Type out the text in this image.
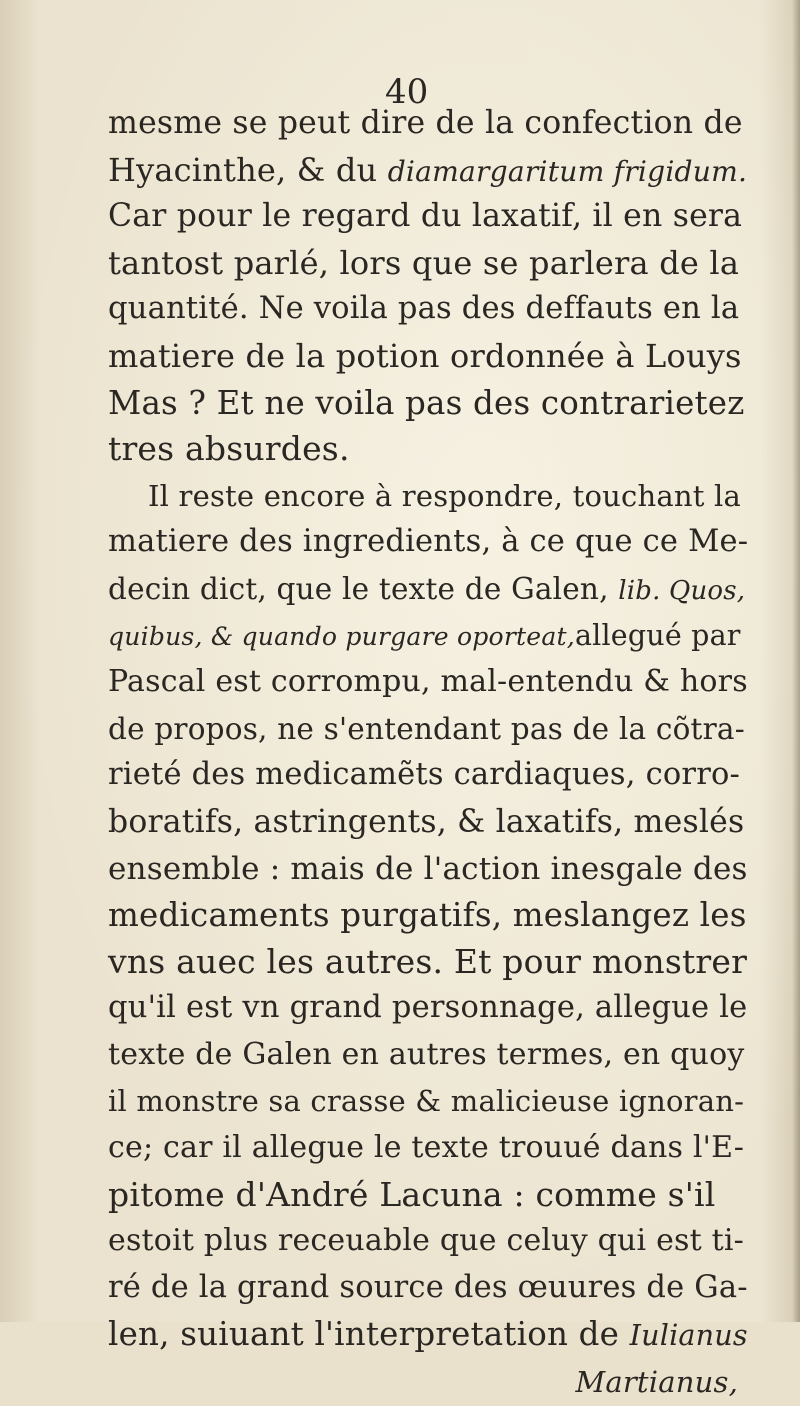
40
mesme se peut dire de la confection de
Hyacinthe, & du diamargaritum frigidum.
Car pour le regard du laxatif, il en sera
tantost parlé, lors que se parlera de la
quantité. Ne voila pas des deffauts en la
matiere de la potion ordonnée à Louys
Mas ? Et ne voila pas des contrarietez
tres absurdes.
Il reste encore à respondre, touchant la
matiere des ingredients, à ce que ce Me-
decin dict, que le texte de Galen, lib. Quos,
quibus, & quando purgare oporteat,allegué par
Pascal est corrompu, mal-entendu & hors
de propos, ne s'entendant pas de la cõtra-
rieté des medicamẽts cardiaques, corro-
boratifs, astringents, & laxatifs, meslés
ensemble : mais de l'action inesgale des
medicaments purgatifs, meslangez les
vns auec les autres. Et pour monstrer
qu'il est vn grand personnage, allegue le
texte de Galen en autres termes, en quoy
il monstre sa crasse & malicieuse ignoran-
ce; car il allegue le texte trouué dans l'E-
pitome d'André Lacuna : comme s'il
estoit plus receuable que celuy qui est ti-
ré de la grand source des œuures de Ga-
len, suiuant l'interpretation de Iulianus
Martianus,
